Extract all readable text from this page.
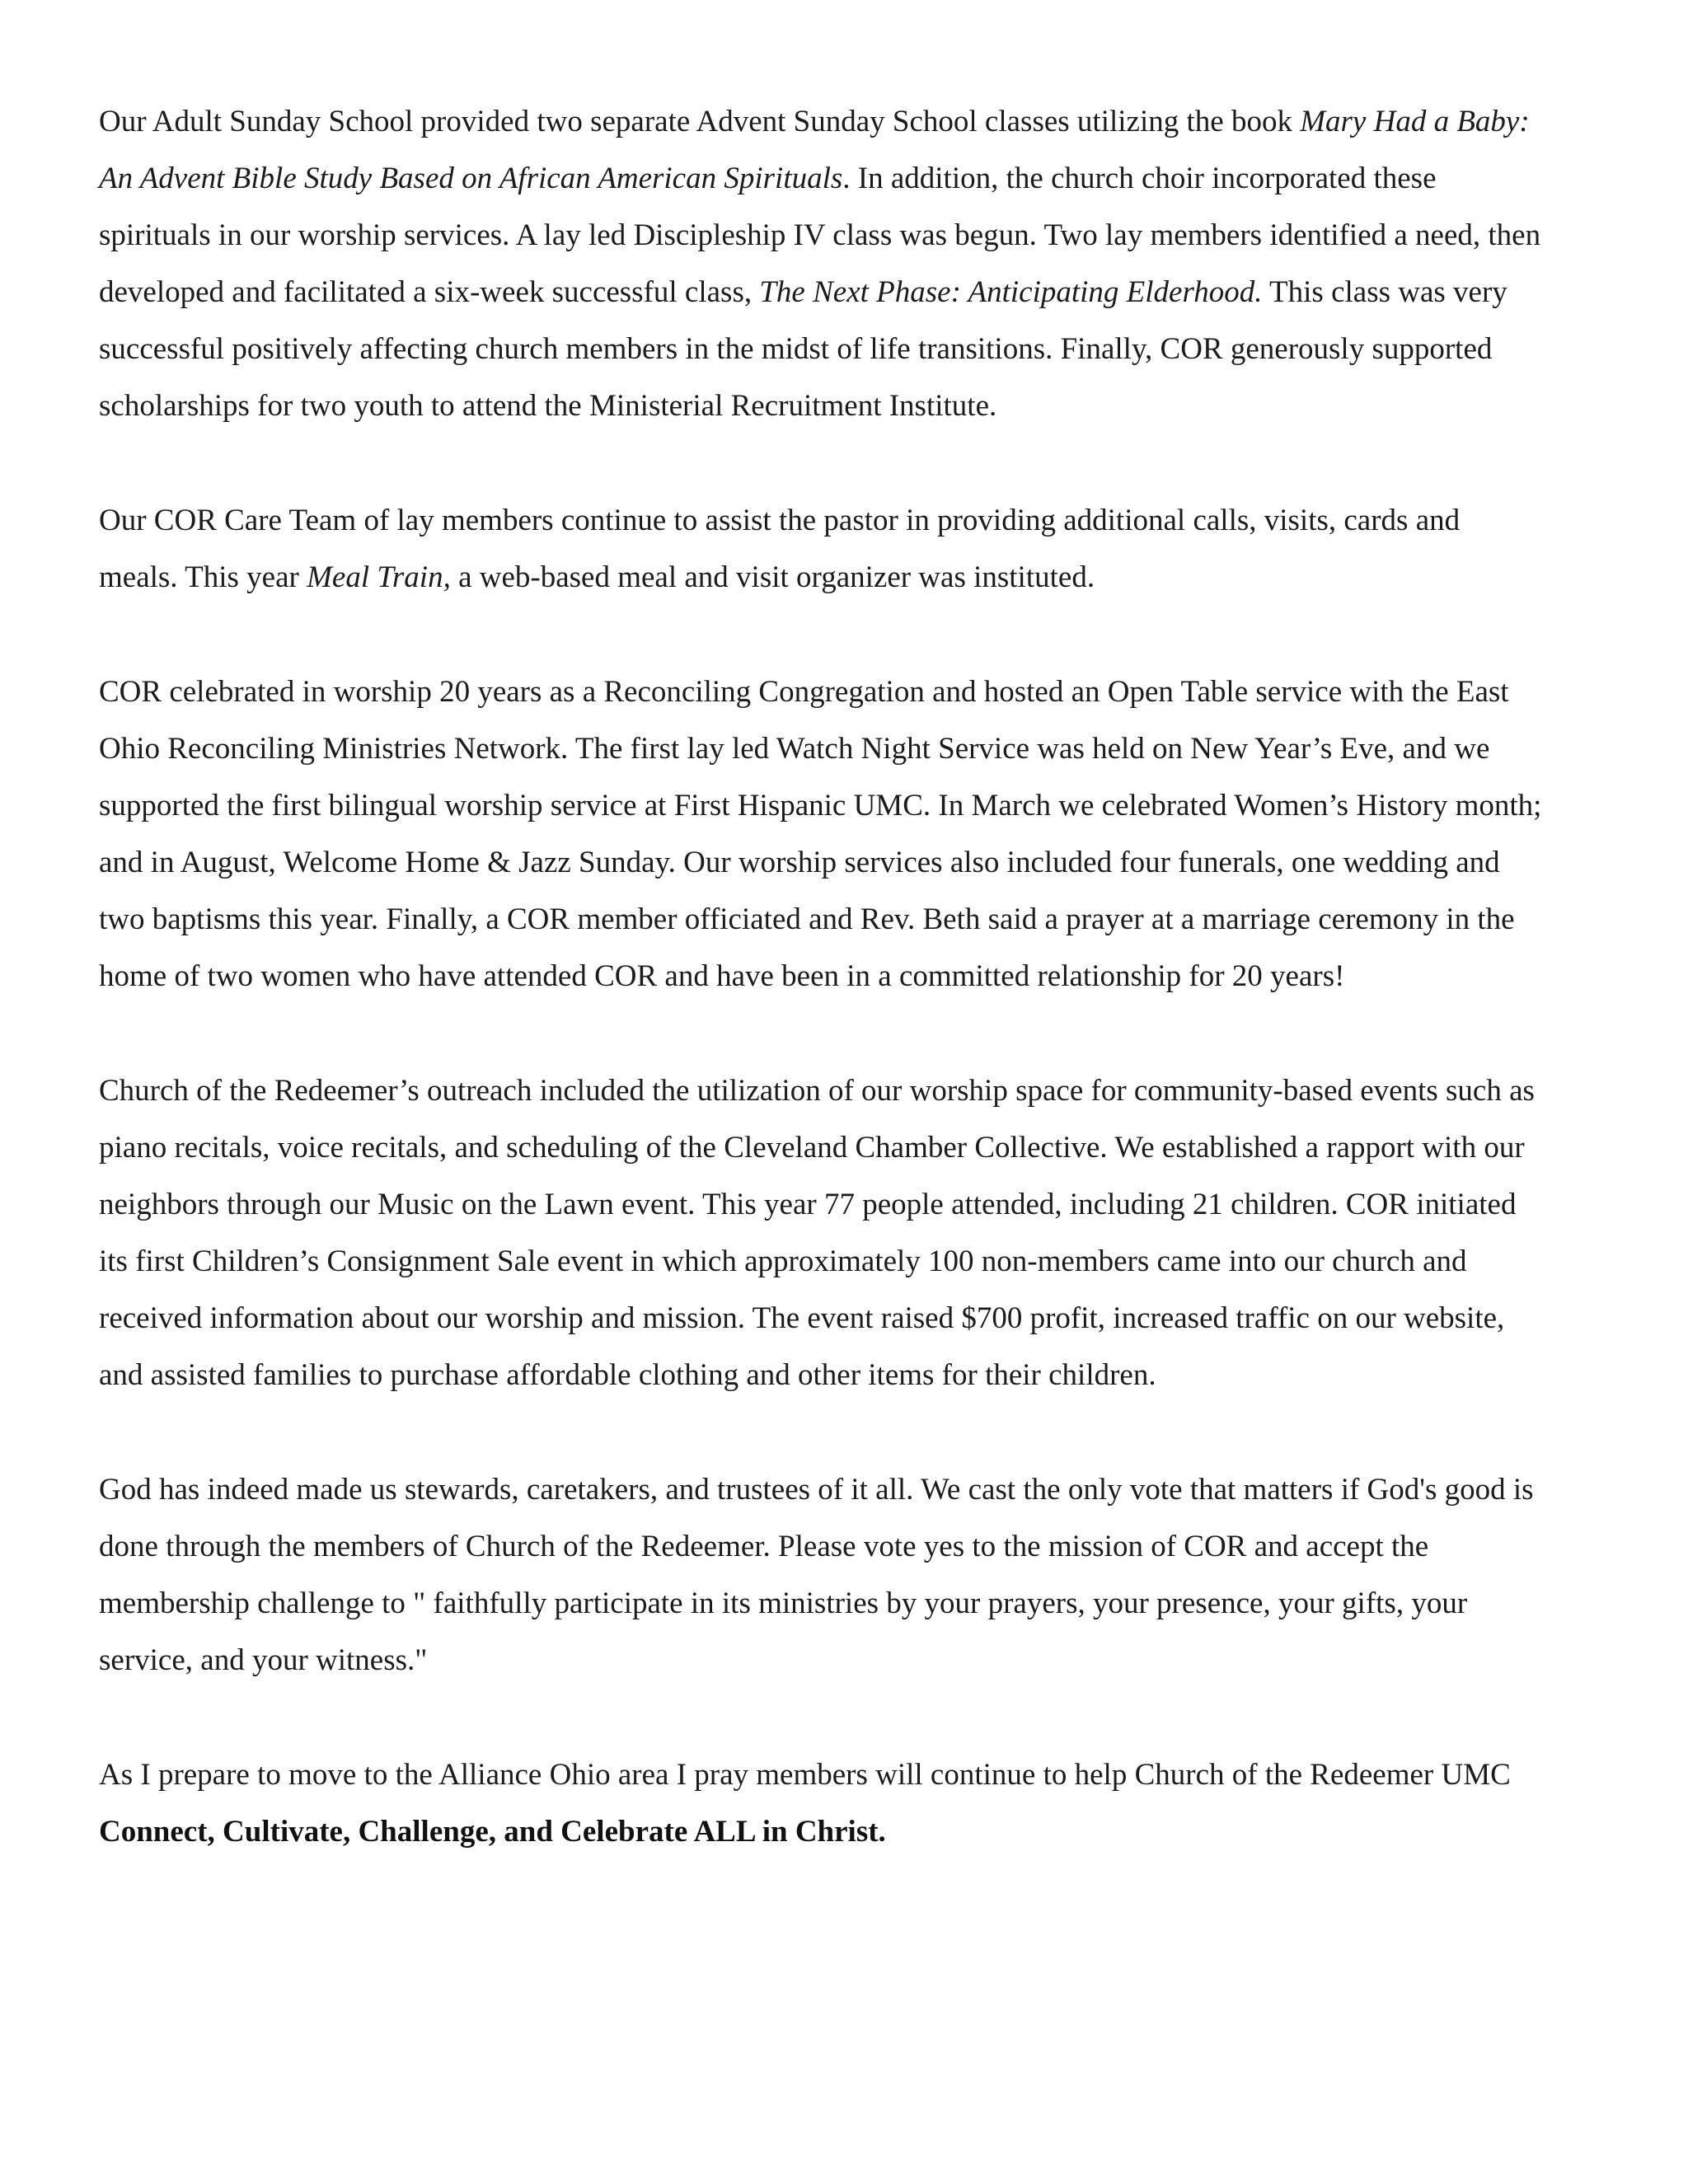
Our Adult Sunday School provided two separate Advent Sunday School classes utilizing the book Mary Had a Baby: An Advent Bible Study Based on African American Spirituals. In addition, the church choir incorporated these spirituals in our worship services. A lay led Discipleship IV class was begun. Two lay members identified a need, then developed and facilitated a six-week successful class, The Next Phase: Anticipating Elderhood. This class was very successful positively affecting church members in the midst of life transitions. Finally, COR generously supported scholarships for two youth to attend the Ministerial Recruitment Institute.

Our COR Care Team of lay members continue to assist the pastor in providing additional calls, visits, cards and meals. This year Meal Train, a web-based meal and visit organizer was instituted.

COR celebrated in worship 20 years as a Reconciling Congregation and hosted an Open Table service with the East Ohio Reconciling Ministries Network. The first lay led Watch Night Service was held on New Year’s Eve, and we supported the first bilingual worship service at First Hispanic UMC. In March we celebrated Women’s History month; and in August, Welcome Home & Jazz Sunday. Our worship services also included four funerals, one wedding and two baptisms this year. Finally, a COR member officiated and Rev. Beth said a prayer at a marriage ceremony in the home of two women who have attended COR and have been in a committed relationship for 20 years!

Church of the Redeemer’s outreach included the utilization of our worship space for community-based events such as piano recitals, voice recitals, and scheduling of the Cleveland Chamber Collective. We established a rapport with our neighbors through our Music on the Lawn event. This year 77 people attended, including 21 children. COR initiated its first Children’s Consignment Sale event in which approximately 100 non-members came into our church and received information about our worship and mission. The event raised $700 profit, increased traffic on our website, and assisted families to purchase affordable clothing and other items for their children.

God has indeed made us stewards, caretakers, and trustees of it all. We cast the only vote that matters if God's good is done through the members of Church of the Redeemer. Please vote yes to the mission of COR and accept the membership challenge to " faithfully participate in its ministries by your prayers, your presence, your gifts, your service, and your witness."

As I prepare to move to the Alliance Ohio area I pray members will continue to help Church of the Redeemer UMC Connect, Cultivate, Challenge, and Celebrate ALL in Christ.
